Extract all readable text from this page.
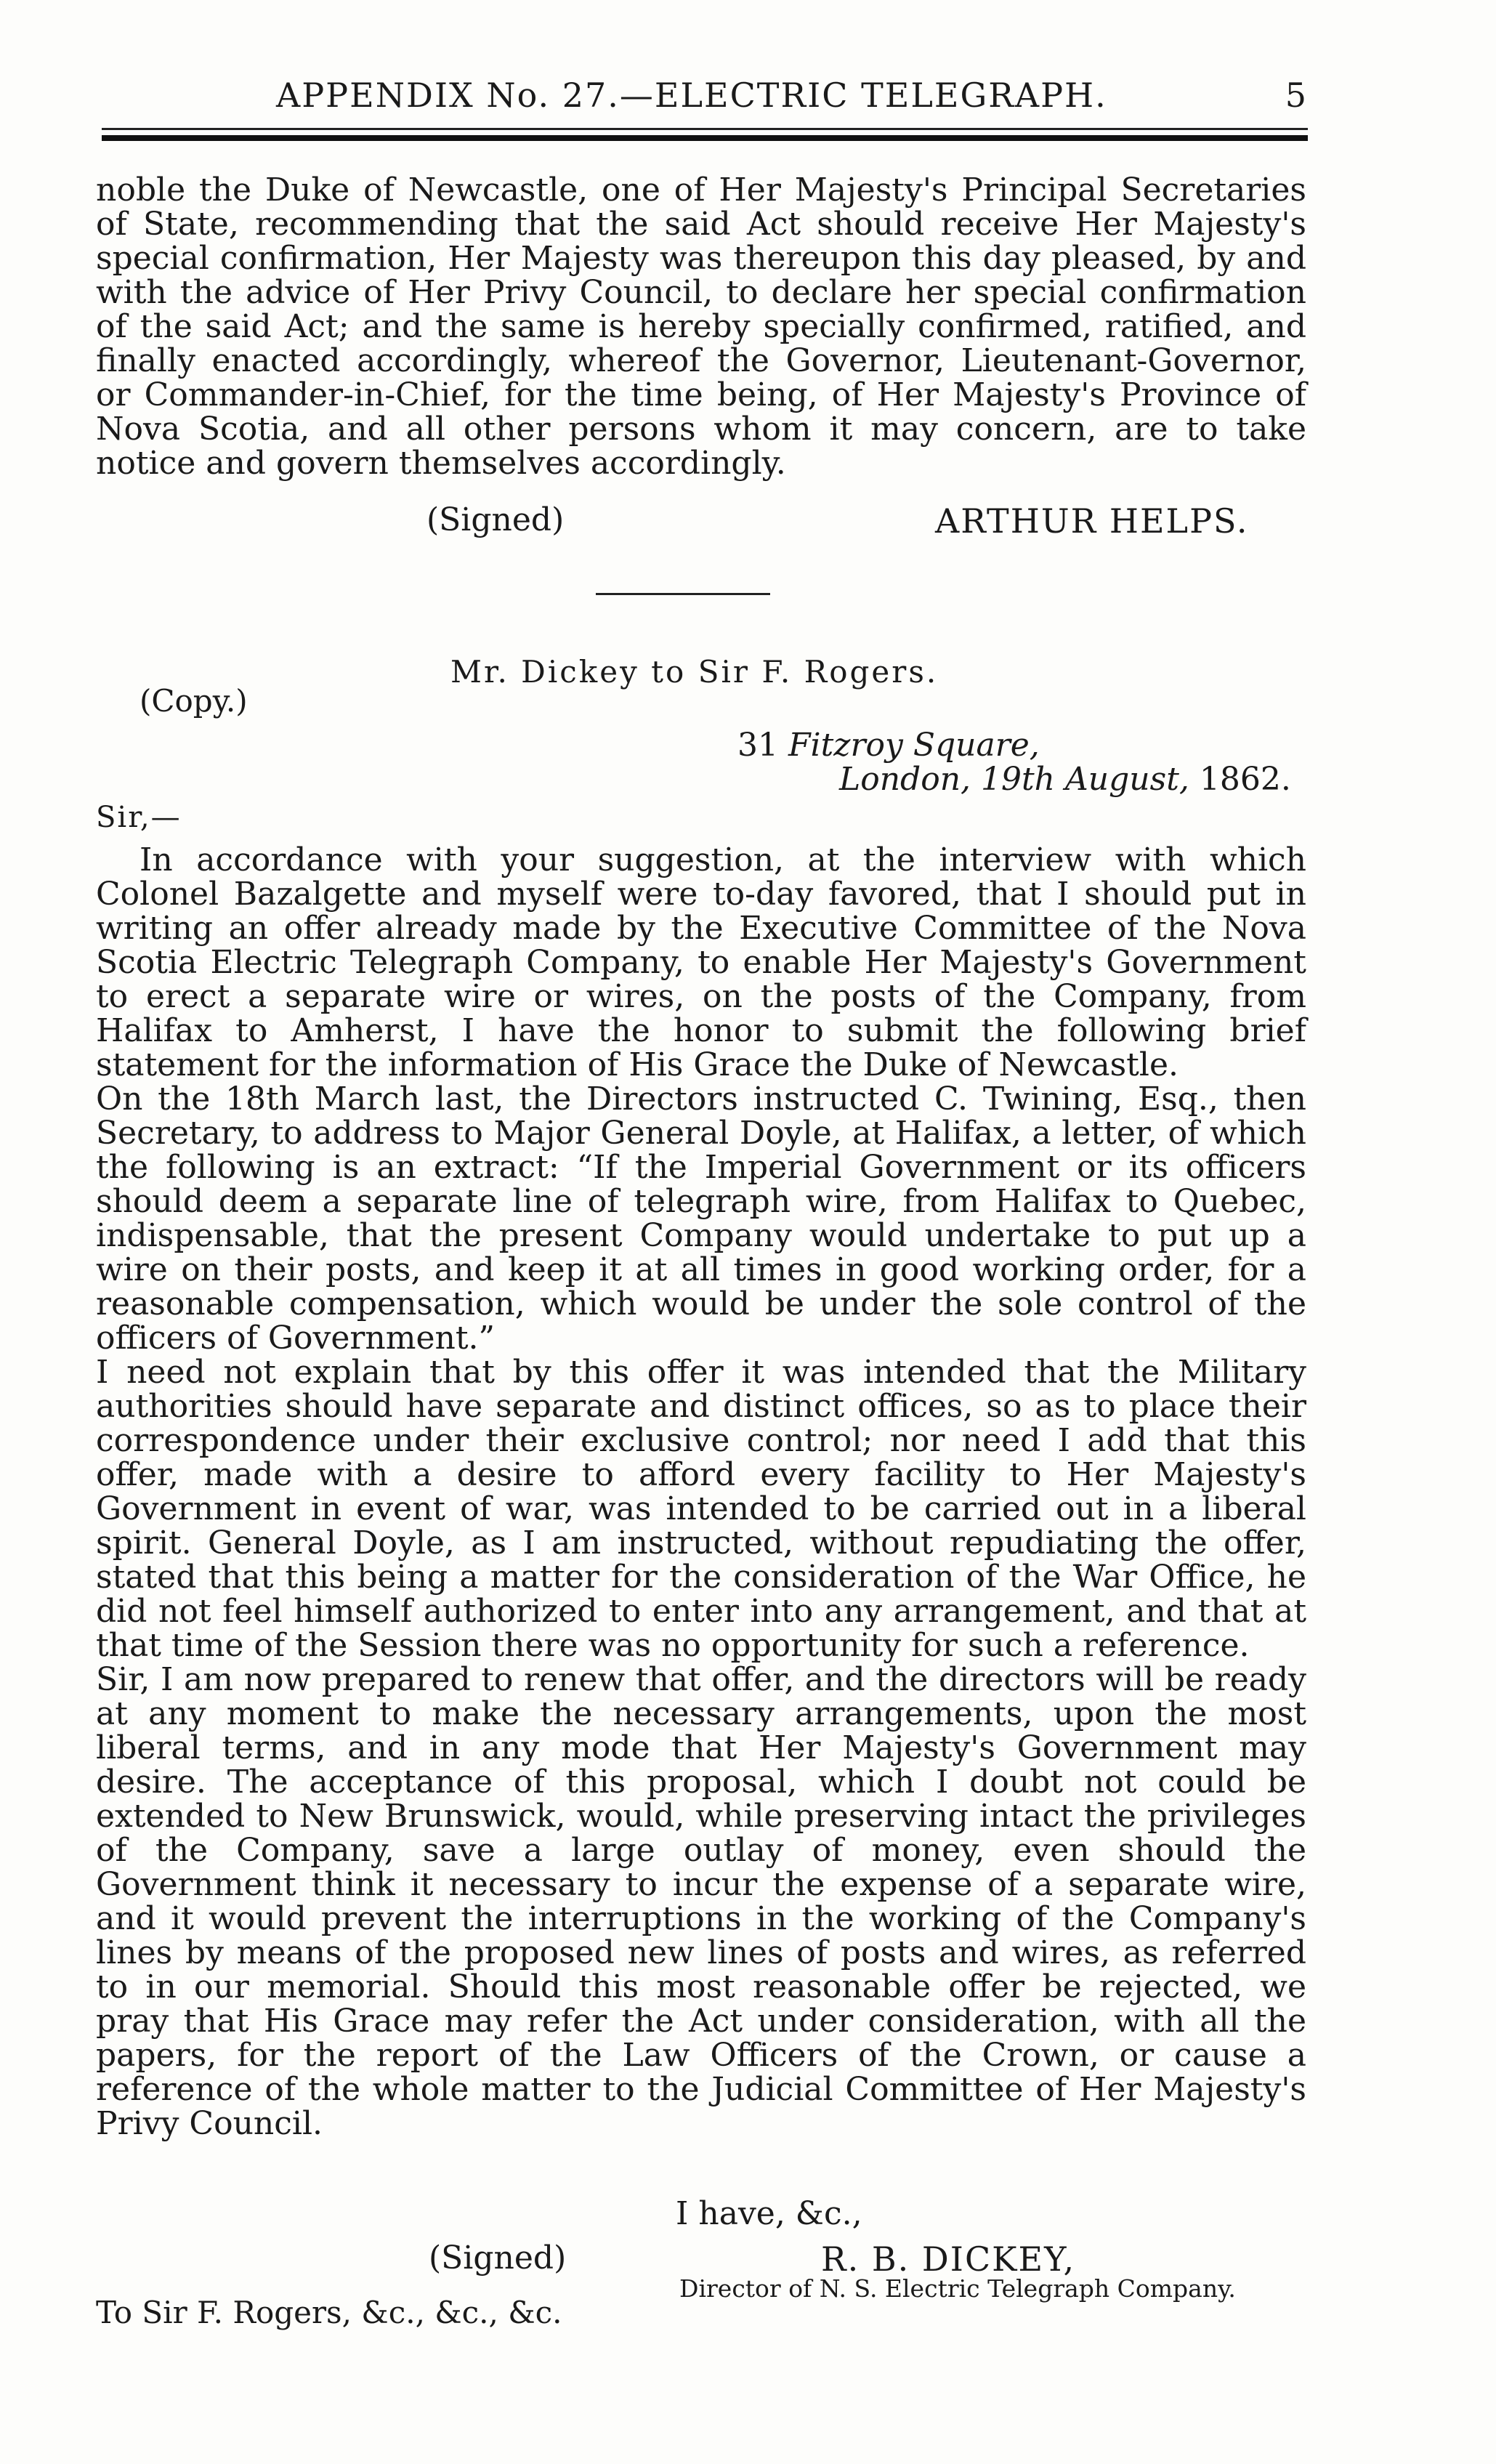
APPENDIX No. 27.—ELECTRIC TELEGRAPH.	5
noble the Duke of Newcastle, one of Her Majesty's Principal Secretaries of State, recommending that the said Act should receive Her Majesty's special confirmation, Her Majesty was thereupon this day pleased, by and with the advice of Her Privy Council, to declare her special confirmation of the said Act; and the same is hereby specially confirmed, ratified, and finally enacted accordingly, whereof the Governor, Lieutenant-Governor, or Commander-in-Chief, for the time being, of Her Majesty's Province of Nova Scotia, and all other persons whom it may concern, are to take notice and govern themselves accordingly.
(Signed)	ARTHUR HELPS.
Mr. Dickey to Sir F. Rogers.
(Copy.)
31 Fitzroy Square,
London, 19th August, 1862.
Sir,—
In accordance with your suggestion, at the interview with which Colonel Bazalgette and myself were to-day favored, that I should put in writing an offer already made by the Executive Committee of the Nova Scotia Electric Telegraph Company, to enable Her Majesty's Government to erect a separate wire or wires, on the posts of the Company, from Halifax to Amherst, I have the honor to submit the following brief statement for the information of His Grace the Duke of Newcastle.
On the 18th March last, the Directors instructed C. Twining, Esq., then Secretary, to address to Major General Doyle, at Halifax, a letter, of which the following is an extract: “If the Imperial Government or its officers should deem a separate line of telegraph wire, from Halifax to Quebec, indispensable, that the present Company would undertake to put up a wire on their posts, and keep it at all times in good working order, for a reasonable compensation, which would be under the sole control of the officers of Government.”
I need not explain that by this offer it was intended that the Military authorities should have separate and distinct offices, so as to place their correspondence under their exclusive control; nor need I add that this offer, made with a desire to afford every facility to Her Majesty's Government in event of war, was intended to be carried out in a liberal spirit. General Doyle, as I am instructed, without repudiating the offer, stated that this being a matter for the consideration of the War Office, he did not feel himself authorized to enter into any arrangement, and that at that time of the Session there was no opportunity for such a reference.
Sir, I am now prepared to renew that offer, and the directors will be ready at any moment to make the necessary arrangements, upon the most liberal terms, and in any mode that Her Majesty's Government may desire. The acceptance of this proposal, which I doubt not could be extended to New Brunswick, would, while preserving intact the privileges of the Company, save a large outlay of money, even should the Government think it necessary to incur the expense of a separate wire, and it would prevent the interruptions in the working of the Company's lines by means of the proposed new lines of posts and wires, as referred to in our memorial. Should this most reasonable offer be rejected, we pray that His Grace may refer the Act under consideration, with all the papers, for the report of the Law Officers of the Crown, or cause a reference of the whole matter to the Judicial Committee of Her Majesty's Privy Council.
I have, &c.,
(Signed)	R. B. DICKEY,
Director of N. S. Electric Telegraph Company.
To Sir F. Rogers, &c., &c., &c.
